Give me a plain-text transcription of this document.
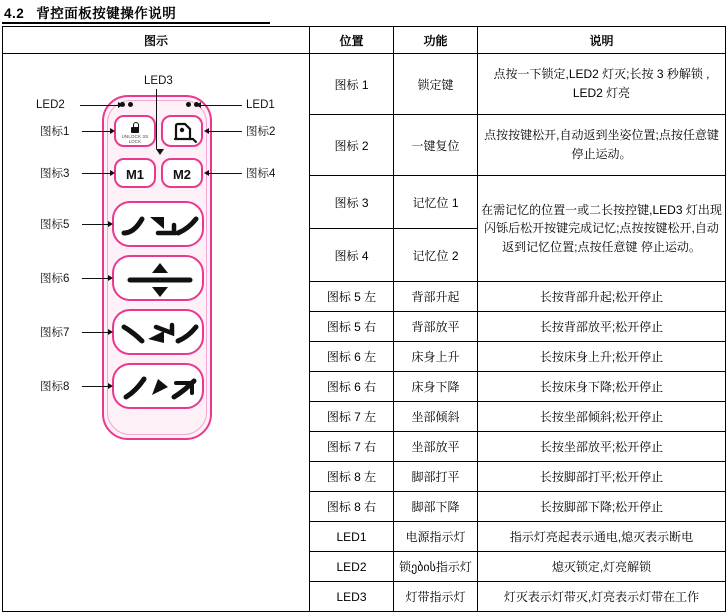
4.2 背控面板按键操作说明
图示	位置	功能	说明

UNLOCK 3S LOCK
M1	M2
LED3
LED2	LED1
图标1	图标2
图标3	图标4
图标5
图标6
图标7
图标8
	图标 1	锁定键	点按一下锁定,LED2 灯灭;长按 3 秒解锁 , LED2 灯亮
	图标 2	一键复位	点按按键松开,自动返到坐姿位置;点按任意键停止运动。
	图标 3	记忆位 1	在需记忆的位置一或二长按控键,LED3 灯出现闪铄后松开按键完成记忆;点按按键松开,自动返到记忆位置;点按任意键 停止运动。
	图标 4	记忆位 2	
	图标 5 左	背部升起	长按背部升起;松开停止
	图标 5 右	背部放平	长按背部放平;松开停止
	图标 6 左	床身上升	长按床身上升;松开停止
	图标 6 右	床身下降	长按床身下降;松开停止
	图标 7 左	坐部倾斜	长按坐部倾斜;松开停止
	图标 7 右	坐部放平	长按坐部放平;松开停止
	图标 8 左	脚部打平	长按脚部打平;松开停止
	图标 8 右	脚部下降	长按脚部下降;松开停止
	LED1	电源指示灯	指示灯亮起表示通电,熄灭表示断电
	LED2	锁ების指示灯	熄灭锁定,灯亮解锁
	LED3	灯带指示灯	灯灭表示灯带灭,灯亮表示灯带在工作
